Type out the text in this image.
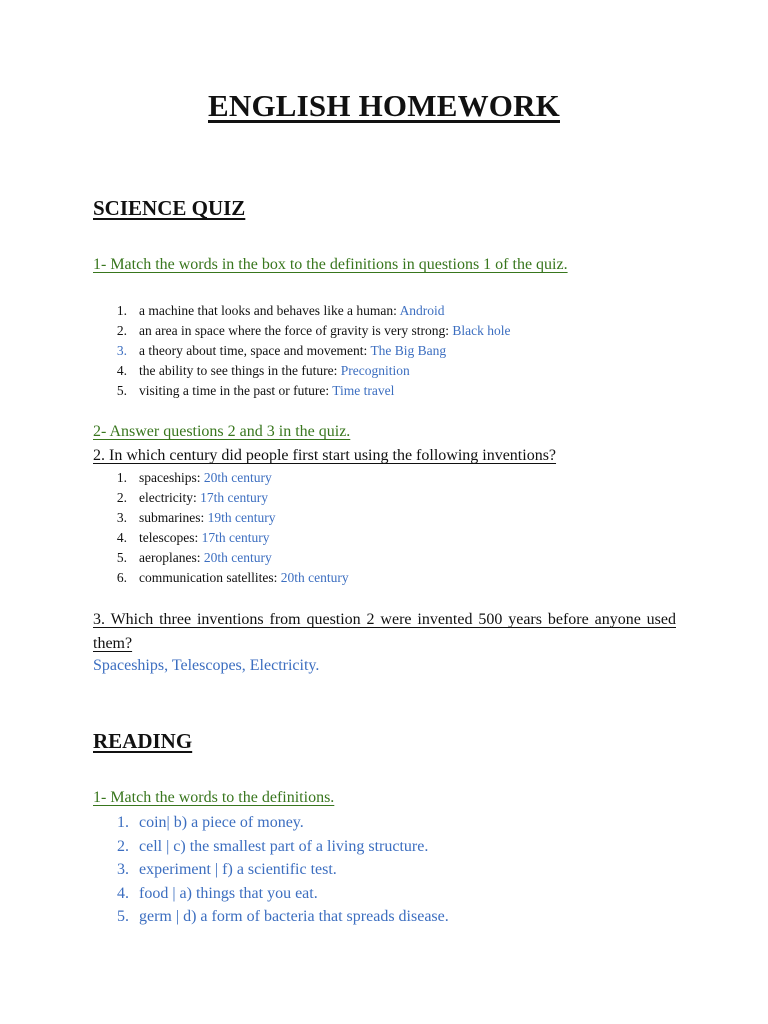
ENGLISH HOMEWORK
SCIENCE QUIZ
1- Match the words in the box to the definitions in questions 1 of the quiz.
1. a machine that looks and behaves like a human: Android
2. an area in space where the force of gravity is very strong: Black hole
3. a theory about time, space and movement: The Big Bang
4. the ability to see things in the future: Precognition
5. visiting a time in the past or future: Time travel
2- Answer questions 2 and 3 in the quiz.
2. In which century did people first start using the following inventions?
1. spaceships: 20th century
2. electricity: 17th century
3. submarines: 19th century
4. telescopes: 17th century
5. aeroplanes: 20th century
6. communication satellites: 20th century
3. Which three inventions from question 2 were invented 500 years before anyone used them?
Spaceships, Telescopes, Electricity.
READING
1- Match the words to the definitions.
1. coin| b) a piece of money.
2. cell | c) the smallest part of a living structure.
3. experiment | f) a scientific test.
4. food | a) things that you eat.
5. germ | d) a form of bacteria that spreads disease.
